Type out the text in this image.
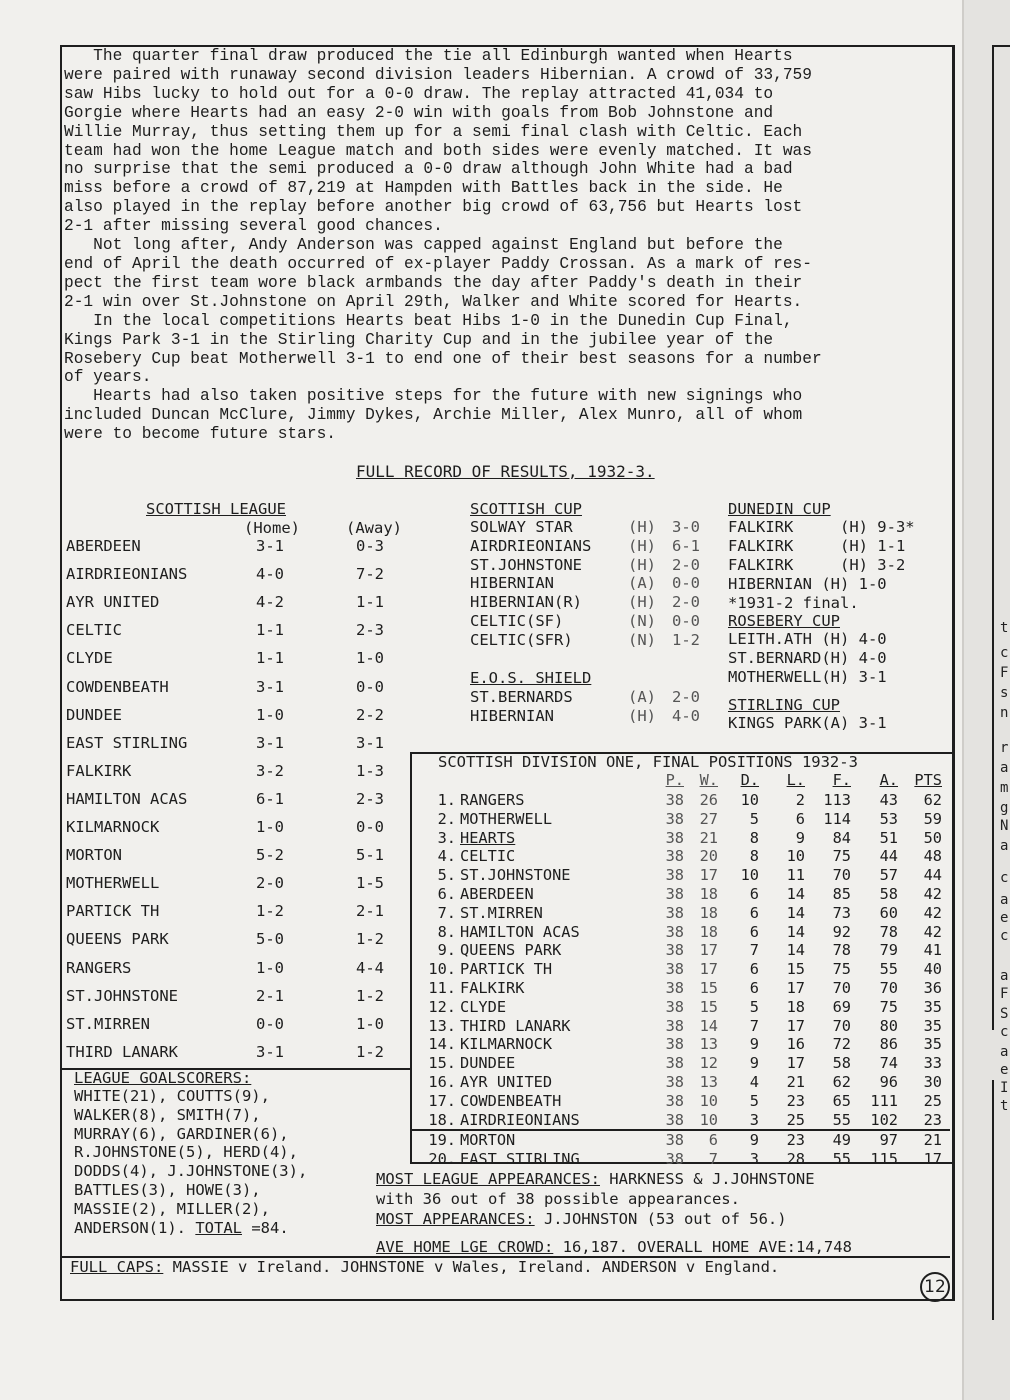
t
c
F
s
n
r
a
m
g
N
a
c
a
e
c
a
F
S
c
a
e
I
t
The quarter final draw produced the tie all Edinburgh wanted when Hearts
were paired with runaway second division leaders Hibernian. A crowd of 33,759
saw Hibs lucky to hold out for a 0-0 draw. The replay attracted 41,034 to
Gorgie where Hearts had an easy 2-0 win with goals from Bob Johnstone and
Willie Murray, thus setting them up for a semi final clash with Celtic. Each
team had won the home League match and both sides were evenly matched. It was
no surprise that the semi produced a 0-0 draw although John White had a bad
miss before a crowd of 87,219 at Hampden with Battles back in the side. He
also played in the replay before another big crowd of 63,756 but Hearts lost
2-1 after missing several good chances.
Not long after, Andy Anderson was capped against England but before the
end of April the death occurred of ex-player Paddy Crossan. As a mark of res-
pect the first team wore black armbands the day after Paddy's death in their
2-1 win over St.Johnstone on April 29th, Walker and White scored for Hearts.
In the local competitions Hearts beat Hibs 1-0 in the Dunedin Cup Final,
Kings Park 3-1 in the Stirling Charity Cup and in the jubilee year of the
Rosebery Cup beat Motherwell 3-1 to end one of their best seasons for a number
of years.
Hearts had also taken positive steps for the future with new signings who
included Duncan McClure, Jimmy Dykes, Archie Miller, Alex Munro, all of whom
were to become future stars.

FULL RECORD OF RESULTS, 1932-3.
SCOTTISH LEAGUE
(Home)	(Away)
ABERDEEN	3-1	0-3
AIRDRIEONIANS	4-0	7-2
AYR UNITED	4-2	1-1
CELTIC	1-1	2-3
CLYDE	1-1	1-0
COWDENBEATH	3-1	0-0
DUNDEE	1-0	2-2
EAST STIRLING	3-1	3-1
FALKIRK	3-2	1-3
HAMILTON ACAS	6-1	2-3
KILMARNOCK	1-0	0-0
MORTON	5-2	5-1
MOTHERWELL	2-0	1-5
PARTICK TH	1-2	2-1
QUEENS PARK	5-0	1-2
RANGERS	1-0	4-4
ST.JOHNSTONE	2-1	1-2
ST.MIRREN	0-0	1-0
THIRD LANARK	3-1	1-2
SCOTTISH CUP
SOLWAY STAR	(H) 3-0
AIRDRIEONIANS (H) 6-1
ST.JOHNSTONE	(H) 2-0
HIBERNIAN	(A) 0-0
HIBERNIAN(R)	(H) 2-0
CELTIC(SF)	(N) 0-0
CELTIC(SFR)	(N) 1-2
E.O.S. SHIELD
ST.BERNARDS	(A) 2-0
HIBERNIAN	(H) 4-0
DUNEDIN CUP
FALKIRK     (H) 9-3*
FALKIRK     (H) 1-1
FALKIRK     (H) 3-2
HIBERNIAN (H) 1-0
*1931-2 final.
ROSEBERY CUP
LEITH.ATH (H) 4-0
ST.BERNARD(H) 4-0
MOTHERWELL(H) 3-1
STIRLING CUP
KINGS PARK(A) 3-1
SCOTTISH DIVISION ONE, FINAL POSITIONS 1932-3
P.	W.	D.	L.	F.	A.	PTS
1. RANGERS	38	26	10	2	113	43	62
2. MOTHERWELL	38	27	5	6	114	53	59
3. HEARTS	38	21	8	9	84	51	50
4. CELTIC	38	20	8	10	75	44	48
5. ST.JOHNSTONE	38	17	10	11	70	57	44
6. ABERDEEN	38	18	6	14	85	58	42
7. ST.MIRREN	38	18	6	14	73	60	42
8. HAMILTON ACAS	38	18	6	14	92	78	42
9. QUEENS PARK	38	17	7	14	78	79	41
10. PARTICK TH	38	17	6	15	75	55	40
11. FALKIRK	38	15	6	17	70	70	36
12. CLYDE	38	15	5	18	69	75	35
13. THIRD LANARK	38	14	7	17	70	80	35
14. KILMARNOCK	38	13	9	16	72	86	35
15. DUNDEE	38	12	9	17	58	74	33
16. AYR UNITED	38	13	4	21	62	96	30
17. COWDENBEATH	38	10	5	23	65	111	25
18. AIRDRIEONIANS	38	10	3	25	55	102	23
19. MORTON	38	6	9	23	49	97	21
20. EAST STIRLING	38	7	3	28	55	115	17
LEAGUE GOALSCORERS:
WHITE(21), COUTTS(9),
WALKER(8), SMITH(7),
MURRAY(6), GARDINER(6),
R.JOHNSTONE(5), HERD(4),
DODDS(4), J.JOHNSTONE(3),
BATTLES(3), HOWE(3),
MASSIE(2), MILLER(2),
ANDERSON(1). TOTAL =84.
MOST LEAGUE APPEARANCES: HARKNESS & J.JOHNSTONE
with 36 out of 38 possible appearances.
MOST APPEARANCES: J.JOHNSTON (53 out of 56.)
AVE HOME LGE CROWD: 16,187. OVERALL HOME AVE:14,748
FULL CAPS: MASSIE v Ireland. JOHNSTONE v Wales, Ireland. ANDERSON v England.
12
